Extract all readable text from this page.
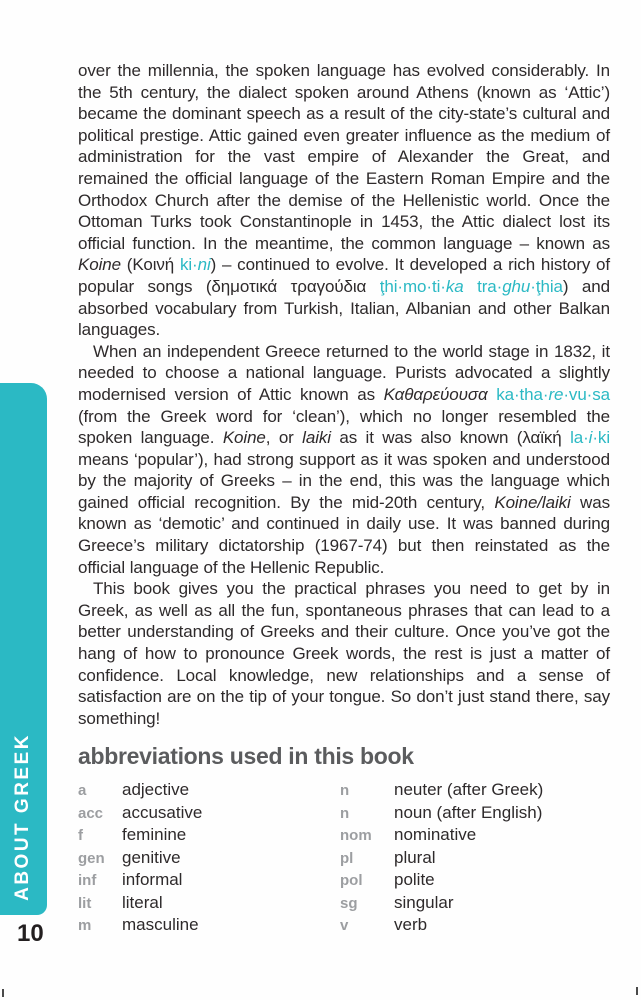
over the millennia, the spoken language has evolved considerably. In the 5th century, the dialect spoken around Athens (known as ‘Attic’) became the dominant speech as a result of the city-state’s cultural and political prestige. Attic gained even greater influence as the medium of administration for the vast empire of Alexander the Great, and remained the official language of the Eastern Roman Empire and the Orthodox Church after the demise of the Hellenistic world. Once the Ottoman Turks took Constantinople in 1453, the Attic dialect lost its official function. In the meantime, the common language – known as Koine (Κοινή ki·ni) – continued to evolve. It developed a rich history of popular songs (δημοτικά τραγούδια ţhi·mo·ti·ka tra·ghu·ţhia) and absorbed vocabulary from Turkish, Italian, Albanian and other Balkan languages.

When an independent Greece returned to the world stage in 1832, it needed to choose a national language. Purists advocated a slightly modernised version of Attic known as Καθαρεύουσα ka·tha·re·vu·sa (from the Greek word for ‘clean’), which no longer resembled the spoken language. Koine, or laiki as it was also known (λαϊκή la·i·ki means ‘popular’), had strong support as it was spoken and understood by the majority of Greeks – in the end, this was the language which gained official recognition. By the mid-20th century, Koine/laiki was known as ‘demotic’ and continued in daily use. It was banned during Greece’s military dictatorship (1967-74) but then reinstated as the official language of the Hellenic Republic.

This book gives you the practical phrases you need to get by in Greek, as well as all the fun, spontaneous phrases that can lead to a better understanding of Greeks and their culture. Once you’ve got the hang of how to pronounce Greek words, the rest is just a matter of confidence. Local knowledge, new relationships and a sense of satisfaction are on the tip of your tongue. So don’t just stand there, say something!

abbreviations used in this book
a	adjective
acc	accusative
f	feminine
gen	genitive
inf	informal
lit	literal
m	masculine
n	neuter (after Greek)
n	noun (after English)
nom	nominative
pl	plural
pol	polite
sg	singular
v	verb
ABOUT GREEK
10
